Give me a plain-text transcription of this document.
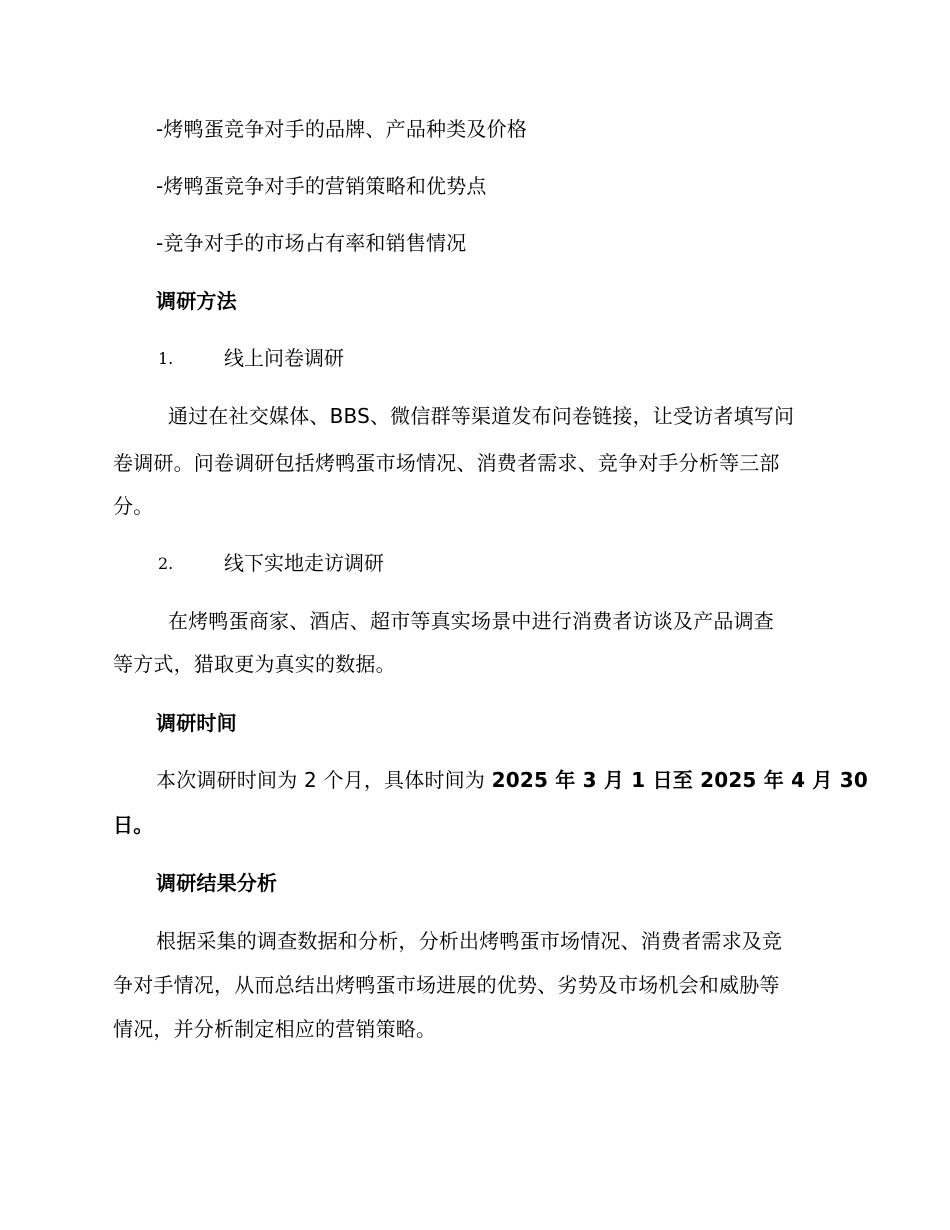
-烤鸭蛋竞争对手的品牌、产品种类及价格
-烤鸭蛋竞争对手的营销策略和优势点
-竞争对手的市场占有率和销售情况
调研方法
1.	线上问卷调研
通过在社交媒体、BBS、微信群等渠道发布问卷链接，让受访者填写问
卷调研。问卷调研包括烤鸭蛋市场情况、消费者需求、竞争对手分析等三部
分。
2.	线下实地走访调研
在烤鸭蛋商家、酒店、超市等真实场景中进行消费者访谈及产品调查
等方式，猎取更为真实的数据。
调研时间
本次调研时间为 2 个月，具体时间为 2025 年 3 月 1 日至 2025 年 4 月 30
日。
调研结果分析
根据采集的调查数据和分析，分析出烤鸭蛋市场情况、消费者需求及竞
争对手情况，从而总结出烤鸭蛋市场进展的优势、劣势及市场机会和威胁等
情况，并分析制定相应的营销策略。
